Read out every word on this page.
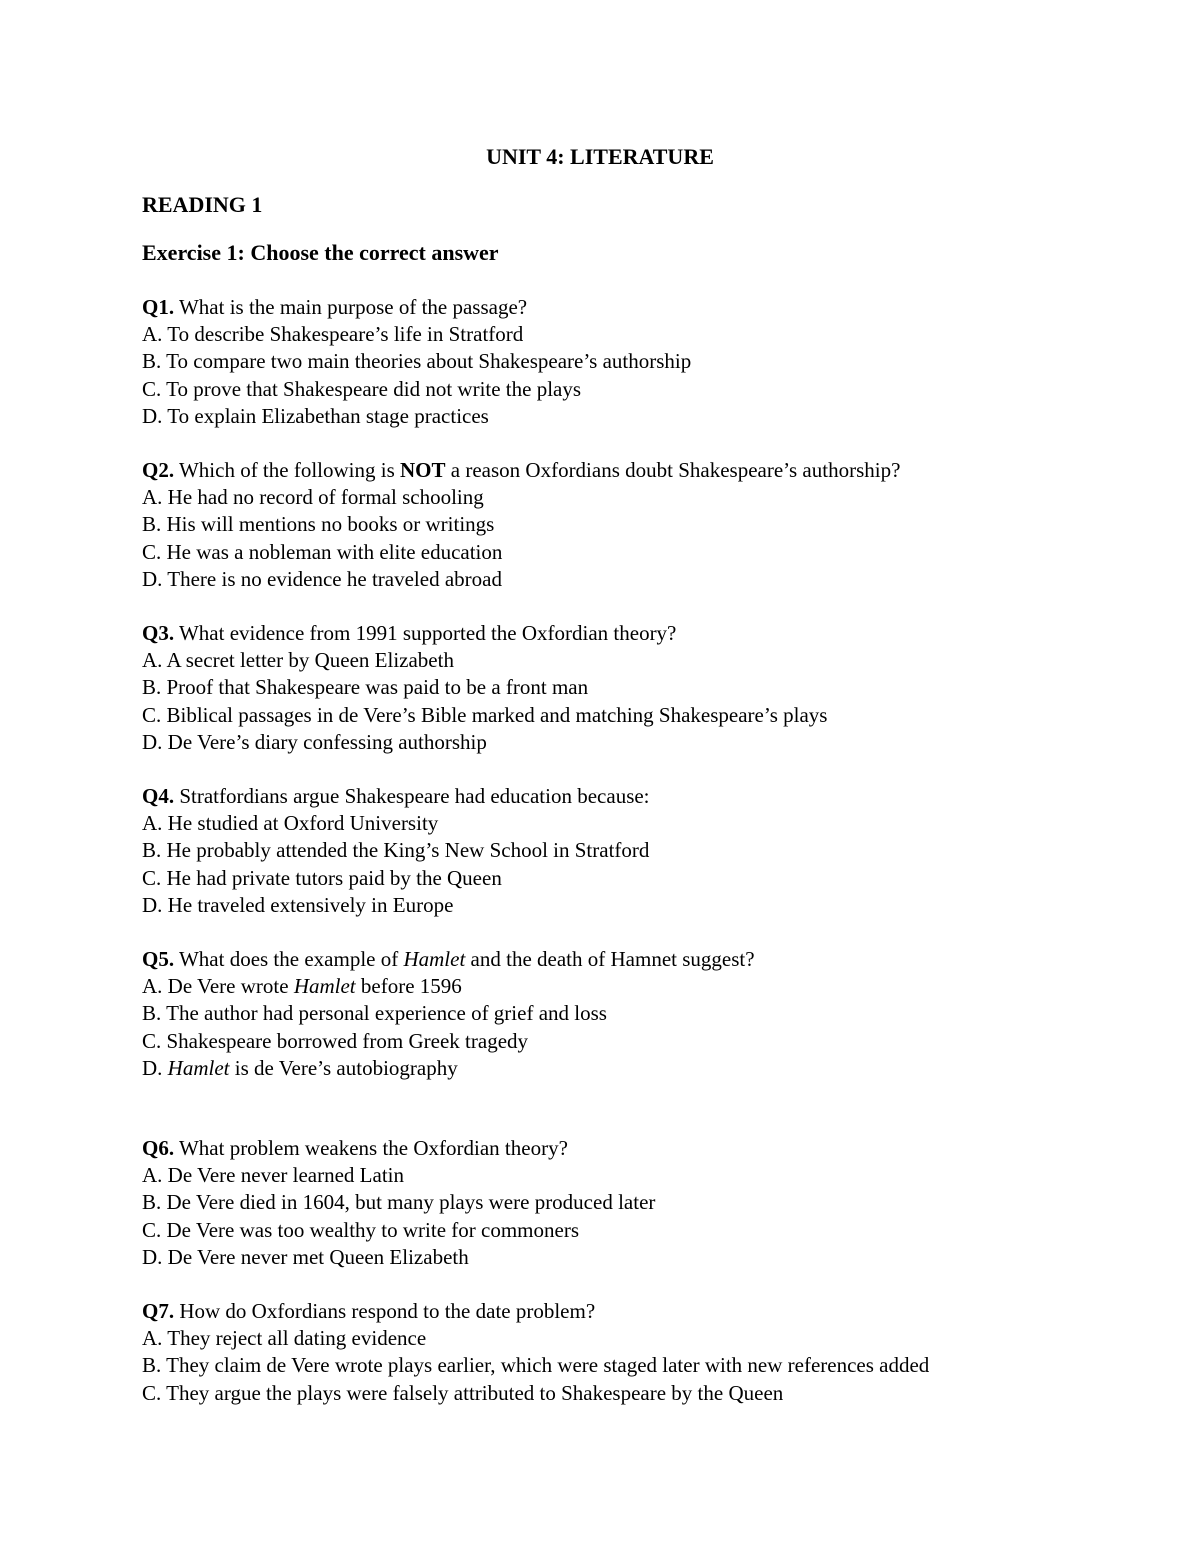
UNIT 4: LITERATURE
READING 1
Exercise 1: Choose the correct answer
Q1. What is the main purpose of the passage?
A. To describe Shakespeare’s life in Stratford
B. To compare two main theories about Shakespeare’s authorship
C. To prove that Shakespeare did not write the plays
D. To explain Elizabethan stage practices
Q2. Which of the following is NOT a reason Oxfordians doubt Shakespeare’s authorship?
A. He had no record of formal schooling
B. His will mentions no books or writings
C. He was a nobleman with elite education
D. There is no evidence he traveled abroad
Q3. What evidence from 1991 supported the Oxfordian theory?
A. A secret letter by Queen Elizabeth
B. Proof that Shakespeare was paid to be a front man
C. Biblical passages in de Vere’s Bible marked and matching Shakespeare’s plays
D. De Vere’s diary confessing authorship
Q4. Stratfordians argue Shakespeare had education because:
A. He studied at Oxford University
B. He probably attended the King’s New School in Stratford
C. He had private tutors paid by the Queen
D. He traveled extensively in Europe
Q5. What does the example of Hamlet and the death of Hamnet suggest?
A. De Vere wrote Hamlet before 1596
B. The author had personal experience of grief and loss
C. Shakespeare borrowed from Greek tragedy
D. Hamlet is de Vere’s autobiography
Q6. What problem weakens the Oxfordian theory?
A. De Vere never learned Latin
B. De Vere died in 1604, but many plays were produced later
C. De Vere was too wealthy to write for commoners
D. De Vere never met Queen Elizabeth
Q7. How do Oxfordians respond to the date problem?
A. They reject all dating evidence
B. They claim de Vere wrote plays earlier, which were staged later with new references added
C. They argue the plays were falsely attributed to Shakespeare by the Queen
